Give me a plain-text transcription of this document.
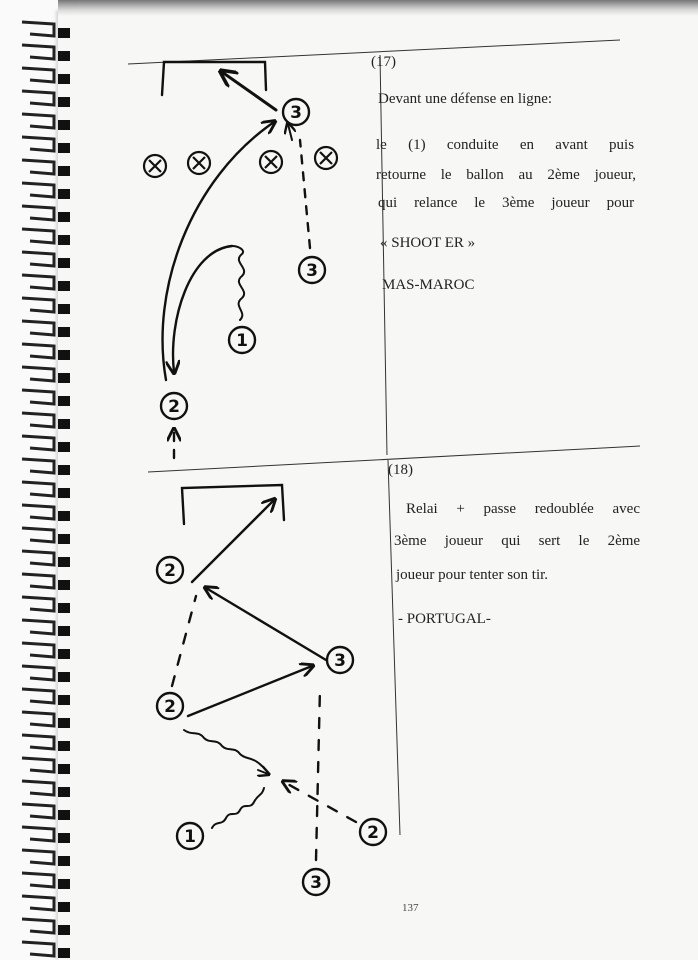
3
3
1
2
2
2
3
1	2
3
(17)
Devant une défense en ligne:
le (1) conduite en avant puis
retourne le ballon au 2ème joueur,
qui relance le 3ème joueur pour
« SHOOT ER »
MAS-MAROC
(18)
Relai + passe redoublée avec
3ème joueur qui sert le 2ème
joueur pour tenter son tir.
- PORTUGAL-
137
